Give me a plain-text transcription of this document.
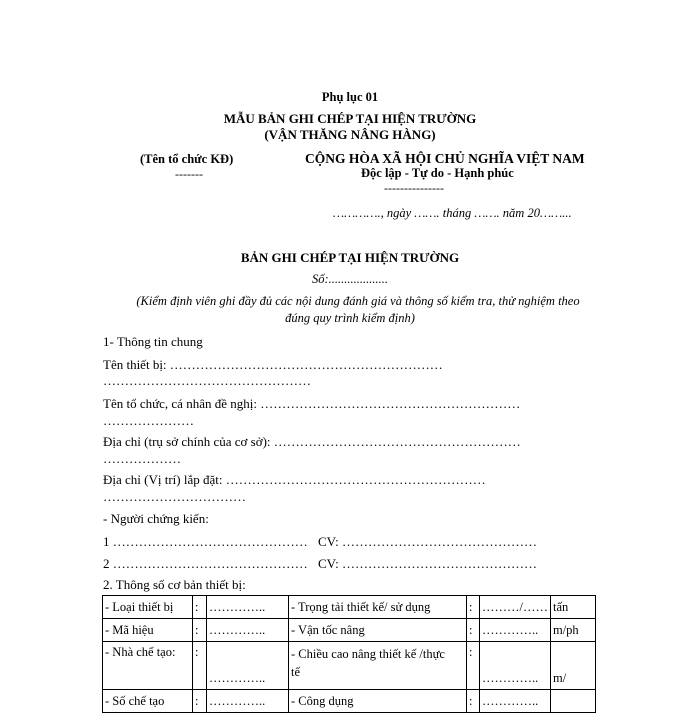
Phụ lục 01
MẪU BẢN GHI CHÉP TẠI HIỆN TRƯỜNG
(VẬN THĂNG NÂNG HÀNG)
(Tên tổ chức KĐ)
-------
CỘNG HÒA XÃ HỘI CHỦ NGHĨA VIỆT NAM
Độc lập - Tự do - Hạnh phúc
---------------
…………., ngày ……. tháng ……. năm 20……...
BẢN GHI CHÉP TẠI HIỆN TRƯỜNG
Số:...................
(Kiểm định viên ghi đầy đủ các nội dung đánh giá và thông số kiểm tra, thử nghiệm theo
đúng quy trình kiểm định)
1- Thông tin chung
Tên thiết bị: ………………………………………………………
…………………………………………
Tên tổ chức, cá nhân đề nghị: ……………………………………………………
…………………
Địa chỉ (trụ sở chính của cơ sở): …………………………………………………
………………
Địa chỉ (Vị trí) lắp đặt: ……………………………………………………
……………………………
- Người chứng kiến:
1 ……………………………………… CV: ………………………………………
2 ……………………………………… CV: ………………………………………
2. Thông số cơ bản thiết bị:
- Loại thiết bị	:	…………..	- Trọng tải thiết kế/ sử dụng	:	………/……	tấn
- Mã hiệu	:	…………..	- Vận tốc nâng	:	…………..	m/ph
- Nhà chế tạo:	:	…………..	- Chiều cao nâng thiết kế /thực
tế	:	…………..	m/
- Số chế tạo	:	…………..	- Công dụng	:	…………..	
